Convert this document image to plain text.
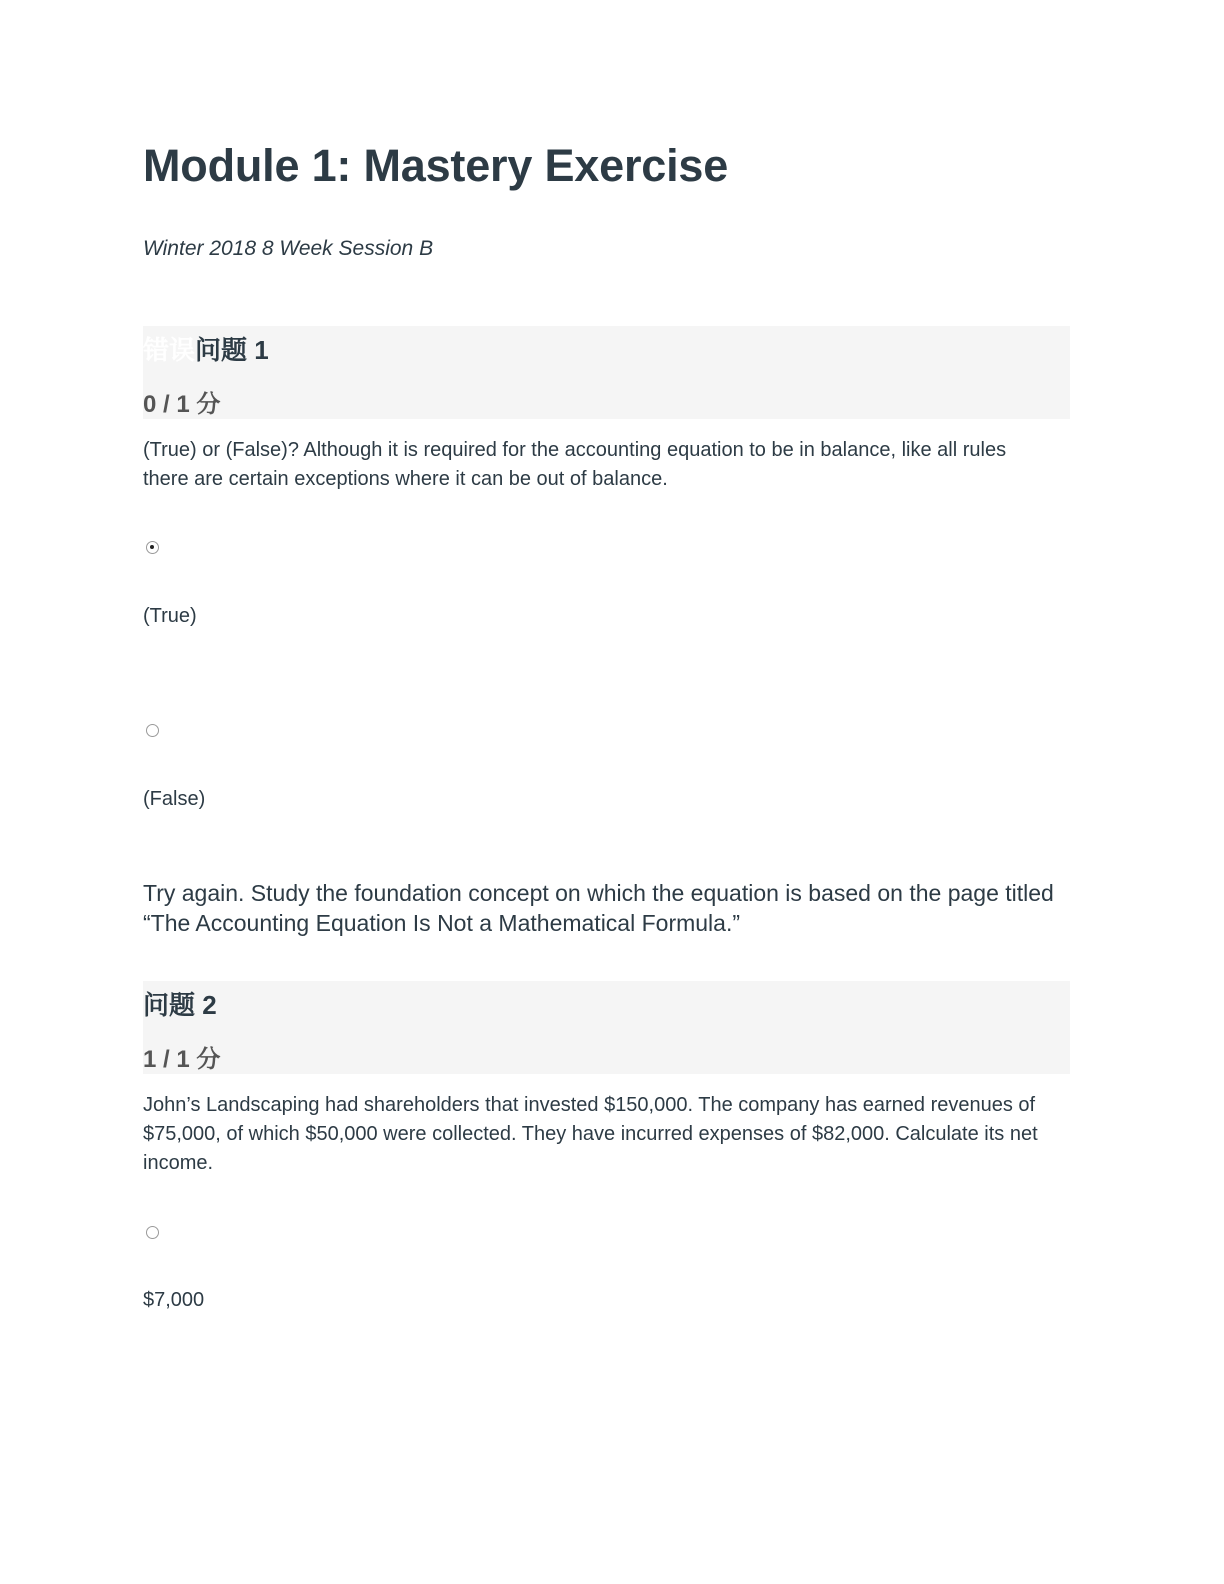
Module 1: Mastery Exercise
Winter 2018 8 Week Session B
错误问题 1
0 / 1 分
(True) or (False)? Although it is required for the accounting equation to be in balance, like all rules there are certain exceptions where it can be out of balance.
(True)
(False)
Try again. Study the foundation concept on which the equation is based on the page titled “The Accounting Equation Is Not a Mathematical Formula.”
问题 2
1 / 1 分
John’s Landscaping had shareholders that invested $150,000. The company has earned revenues of $75,000, of which $50,000 were collected. They have incurred expenses of $82,000. Calculate its net income.
$7,000
